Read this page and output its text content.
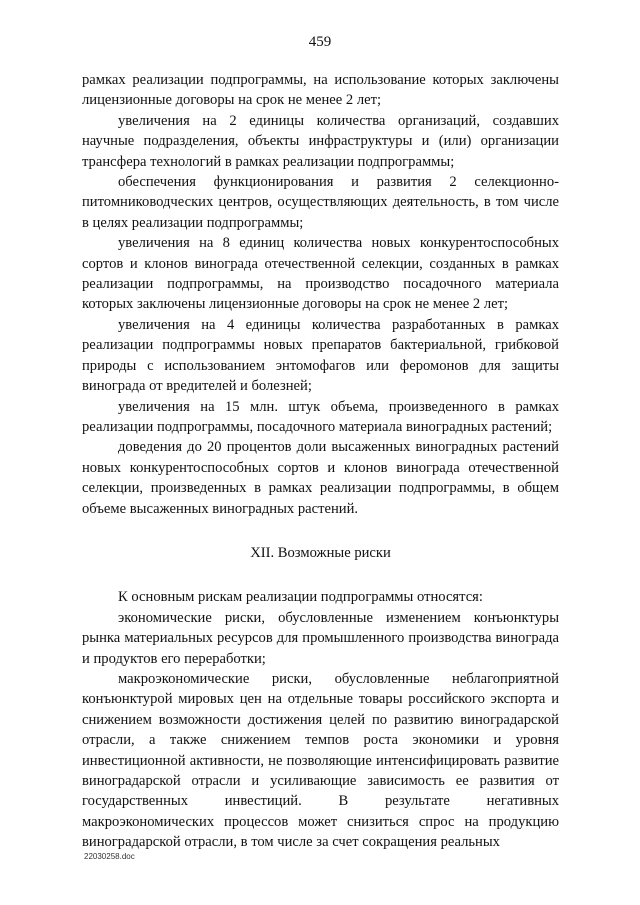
459

рамках реализации подпрограммы, на использование которых заключены лицензионные договоры на срок не менее 2 лет;

увеличения на 2 единицы количества организаций, создавших научные подразделения, объекты инфраструктуры и (или) организации трансфера технологий в рамках реализации подпрограммы;

обеспечения функционирования и развития 2 селекционно-питомниководческих центров, осуществляющих деятельность, в том числе в целях реализации подпрограммы;

увеличения на 8 единиц количества новых конкурентоспособных сортов и клонов винограда отечественной селекции, созданных в рамках реализации подпрограммы, на производство посадочного материала которых заключены лицензионные договоры на срок не менее 2 лет;

увеличения на 4 единицы количества разработанных в рамках реализации подпрограммы новых препаратов бактериальной, грибковой природы с использованием энтомофагов или феромонов для защиты винограда от вредителей и болезней;

увеличения на 15 млн. штук объема, произведенного в рамках реализации подпрограммы, посадочного материала виноградных растений;

доведения до 20 процентов доли высаженных виноградных растений новых конкурентоспособных сортов и клонов винограда отечественной селекции, произведенных в рамках реализации подпрограммы, в общем объеме высаженных виноградных растений.

XII. Возможные риски

К основным рискам реализации подпрограммы относятся:

экономические риски, обусловленные изменением конъюнктуры рынка материальных ресурсов для промышленного производства винограда и продуктов его переработки;

макроэкономические риски, обусловленные неблагоприятной конъюнктурой мировых цен на отдельные товары российского экспорта и снижением возможности достижения целей по развитию виноградарской отрасли, а также снижением темпов роста экономики и уровня инвестиционной активности, не позволяющие интенсифицировать развитие виноградарской отрасли и усиливающие зависимость ее развития от государственных инвестиций. В результате негативных макроэкономических процессов может снизиться спрос на продукцию виноградарской отрасли, в том числе за счет сокращения реальных

22030258.doc
